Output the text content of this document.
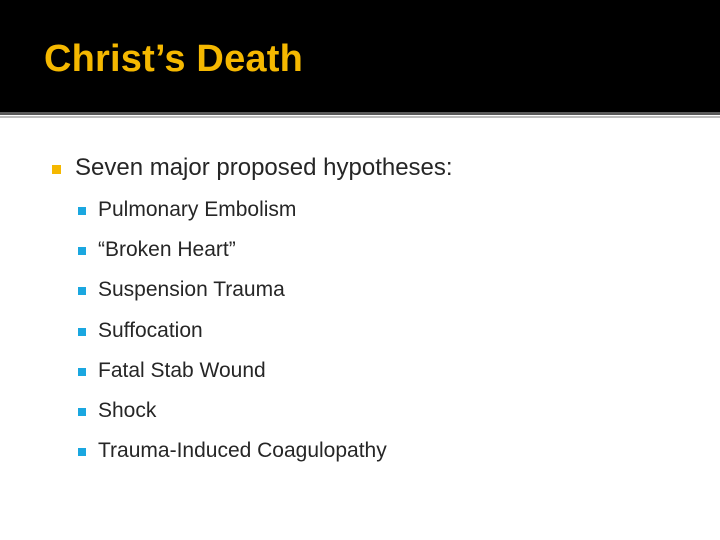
Christ’s Death
Seven major proposed hypotheses:
Pulmonary Embolism
“Broken Heart”
Suspension Trauma
Suffocation
Fatal Stab Wound
Shock
Trauma-Induced Coagulopathy
